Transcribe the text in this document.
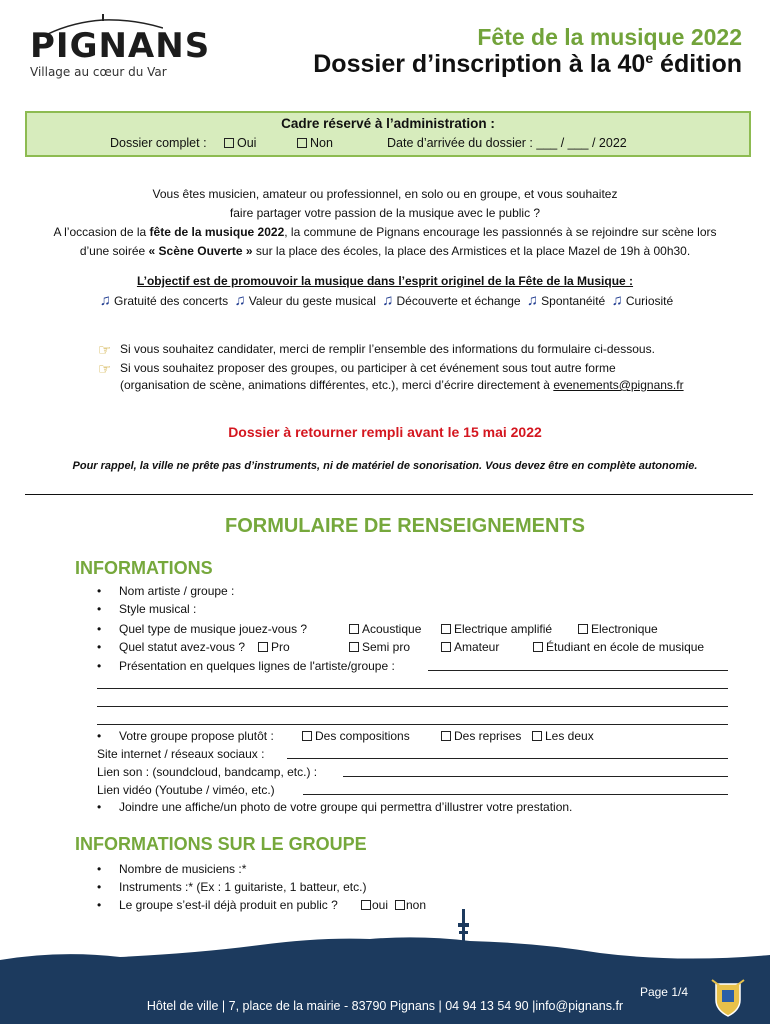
PIGNANS
Village au cœur du Var
Fête de la musique 2022
Dossier d’inscription à la 40e édition
Cadre réservé à l’administration :
Dossier complet :	Oui	Non	Date d’arrivée du dossier : ___ / ___ / 2022
Vous êtes musicien, amateur ou professionnel, en solo ou en groupe, et vous souhaitez
faire partager votre passion de la musique avec le public ?
A l’occasion de la fête de la musique 2022, la commune de Pignans encourage les passionnés à se rejoindre sur scène lors
d’une soirée « Scène Ouverte » sur la place des écoles, la place des Armistices et la place Mazel de 19h à 00h30.
L’objectif est de promouvoir la musique dans l’esprit originel de la Fête de la Musique :
♫ Gratuité des concerts ♫ Valeur du geste musical ♫ Découverte et échange ♫ Spontanéité ♫ Curiosité
☞ Si vous souhaitez candidater, merci de remplir l’ensemble des informations du formulaire ci-dessous.
☞ Si vous souhaitez proposer des groupes, ou participer à cet événement sous tout autre forme
(organisation de scène, animations différentes, etc.), merci d’écrire directement à evenements@pignans.fr
Dossier à retourner rempli avant le 15 mai 2022
Pour rappel, la ville ne prête pas d’instruments, ni de matériel de sonorisation. Vous devez être en complète autonomie.
FORMULAIRE DE RENSEIGNEMENTS
INFORMATIONS
• Nom artiste / groupe :
• Style musical :
• Quel type de musique jouez-vous ?	Acoustique	Electrique amplifié	Electronique
• Quel statut avez-vous ?	Pro	Semi pro	Amateur	Étudiant en école de musique
• Présentation en quelques lignes de l'artiste/groupe :
• Votre groupe propose plutôt :	Des compositions	Des reprises	Les deux
Site internet / réseaux sociaux :
Lien son : (soundcloud, bandcamp, etc.) :
Lien vidéo (Youtube / viméo, etc.)
• Joindre une affiche/un photo de votre groupe qui permettra d’illustrer votre prestation.
INFORMATIONS SUR LE GROUPE
• Nombre de musiciens :*
• Instruments :* (Ex : 1 guitariste, 1 batteur, etc.)
• Le groupe s’est-il déjà produit en public ?	oui	non
Page 1/4
Hôtel de ville | 7, place de la mairie - 83790 Pignans | 04 94 13 54 90 |info@pignans.fr
